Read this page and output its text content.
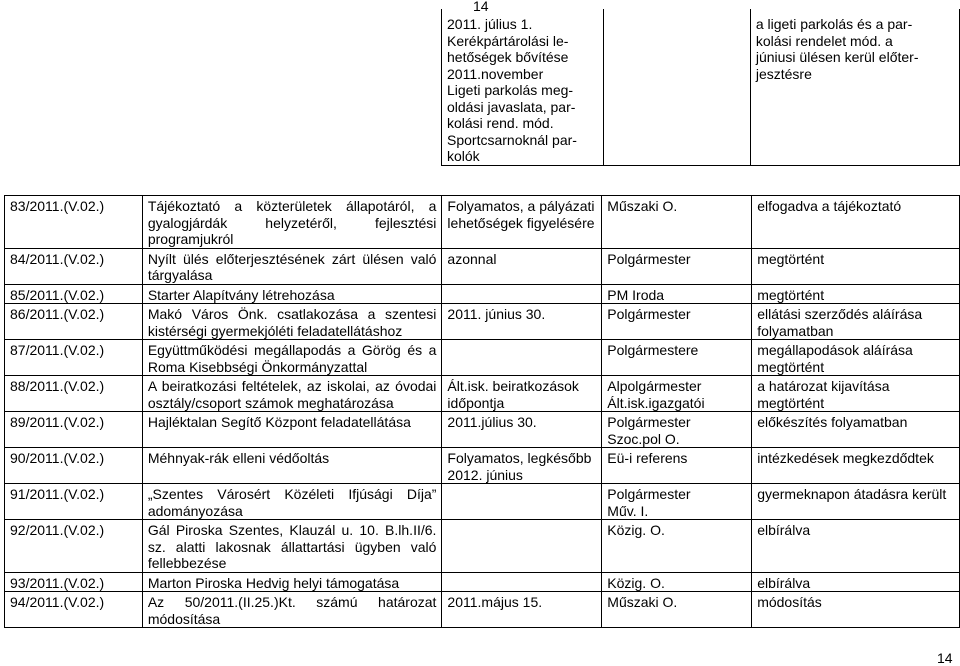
14
2011. július 1.
Kerékpártárolási le-
hetőségek bővítése
2011.november
Ligeti parkolás meg-
oldási javaslata, par-
kolási rend. mód.
Sportcsarnoknál par-
kolók		a ligeti parkolás és a par-
kolási rendelet mód. a
júniusi ülésen kerül előter-
jesztésre
83/2011.(V.02.)	Tájékoztató a közterületek állapotáról, a gyalogjárdák helyzetéről, fejlesztési programjukról	Folyamatos, a pályázati lehetőségek figyelésére	Műszaki O.	elfogadva a tájékoztató
84/2011.(V.02.)	Nyílt ülés előterjesztésének zárt ülésen való tárgyalása	azonnal	Polgármester	megtörtént
85/2011.(V.02.)	Starter Alapítvány létrehozása		PM Iroda	megtörtént
86/2011.(V.02.)	Makó Város Önk. csatlakozása a szentesi kistérségi gyermekjóléti feladatellátáshoz	2011. június 30.	Polgármester	ellátási szerződés aláírása folyamatban
87/2011.(V.02.)	Együttműködési megállapodás a Görög és a Roma Kisebbségi Önkormányzattal		Polgármestere	megállapodások aláírása megtörtént
88/2011.(V.02.)	A beiratkozási feltételek, az iskolai, az óvodai osztály/csoport számok meghatározása	Ált.isk. beiratkozások időpontja	Alpolgármester
Ált.isk.igazgatói	a határozat kijavítása megtörtént
89/2011.(V.02.)	Hajléktalan Segítő Központ feladatellátása	2011.július 30.	Polgármester
Szoc.pol O.	előkészítés folyamatban
90/2011.(V.02.)	Méhnyak-rák elleni védőoltás	Folyamatos, legkésőbb 2012. június	Eü-i referens	intézkedések megkezdődtek
91/2011.(V.02.)	„Szentes Városért Közéleti Ifjúsági Díja” adományozása		Polgármester
Műv. I.	gyermeknapon átadásra került
92/2011.(V.02.)	Gál Piroska Szentes, Klauzál u. 10. B.lh.II/6. sz. alatti lakosnak állattartási ügyben való fellebbezése		Közig. O.	elbírálva
93/2011.(V.02.)	Marton Piroska Hedvig helyi támogatása		Közig. O.	elbírálva
94/2011.(V.02.)	Az 50/2011.(II.25.)Kt. számú határozat módosítása	2011.május 15.	Műszaki O.	módosítás
14
